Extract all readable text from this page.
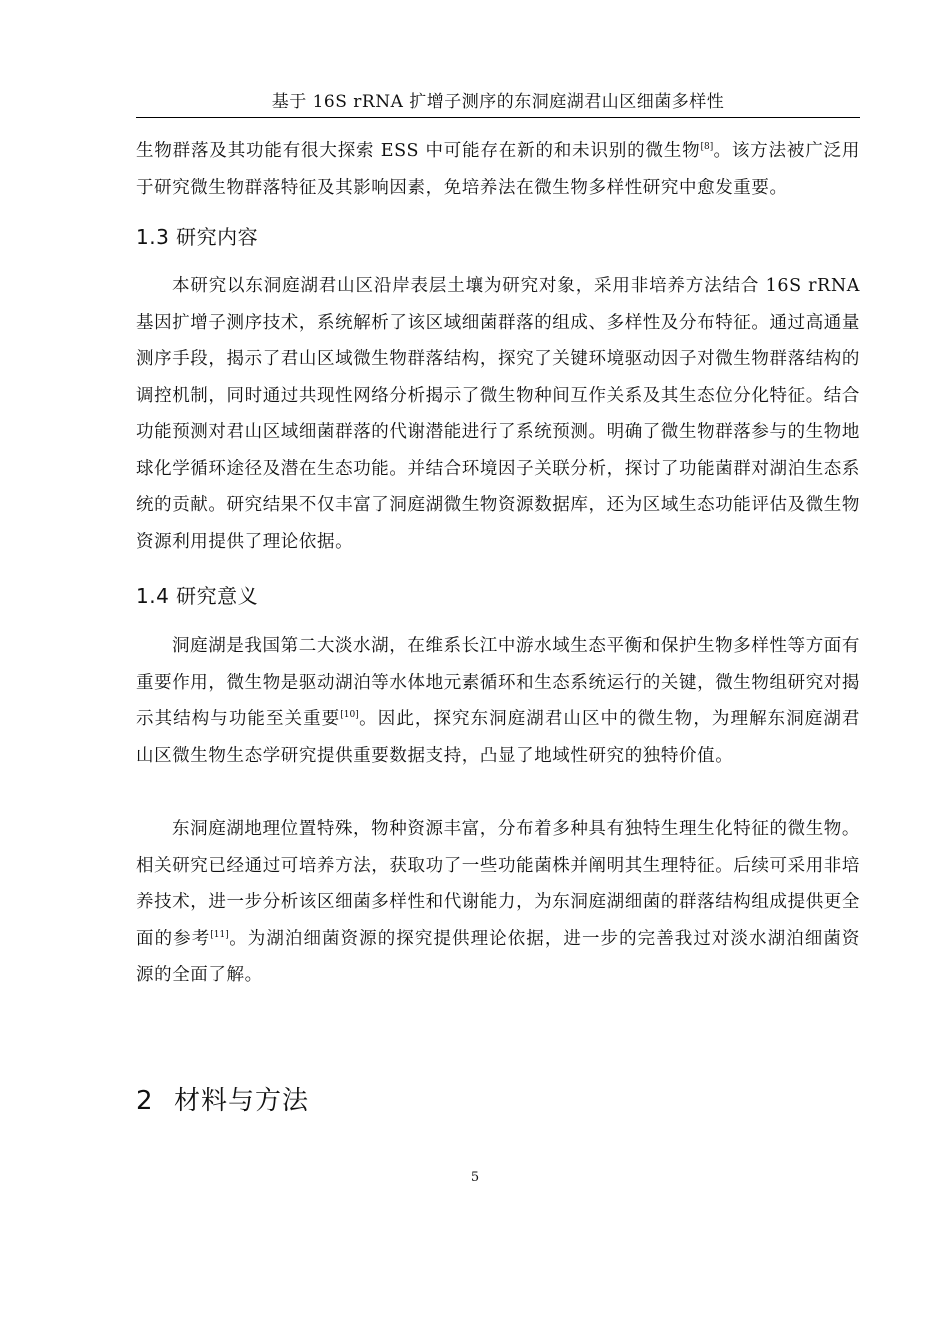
基于 16S rRNA 扩增子测序的东洞庭湖君山区细菌多样性

生物群落及其功能有很大探索 ESS 中可能存在新的和未识别的微生物[8]。该方法被广泛用于研究微生物群落特征及其影响因素，免培养法在微生物多样性研究中愈发重要。

1.3 研究内容

本研究以东洞庭湖君山区沿岸表层土壤为研究对象，采用非培养方法结合 16S rRNA 基因扩增子测序技术，系统解析了该区域细菌群落的组成、多样性及分布特征。通过高通量测序手段，揭示了君山区域微生物群落结构，探究了关键环境驱动因子对微生物群落结构的调控机制，同时通过共现性网络分析揭示了微生物种间互作关系及其生态位分化特征。结合功能预测对君山区域细菌群落的代谢潜能进行了系统预测。明确了微生物群落参与的生物地球化学循环途径及潜在生态功能。并结合环境因子关联分析，探讨了功能菌群对湖泊生态系统的贡献。研究结果不仅丰富了洞庭湖微生物资源数据库，还为区域生态功能评估及微生物资源利用提供了理论依据。

1.4 研究意义

洞庭湖是我国第二大淡水湖，在维系长江中游水域生态平衡和保护生物多样性等方面有重要作用，微生物是驱动湖泊等水体地元素循环和生态系统运行的关键，微生物组研究对揭示其结构与功能至关重要[10]。因此，探究东洞庭湖君山区中的微生物，为理解东洞庭湖君山区微生物生态学研究提供重要数据支持，凸显了地域性研究的独特价值。

东洞庭湖地理位置特殊，物种资源丰富，分布着多种具有独特生理生化特征的微生物。相关研究已经通过可培养方法，获取功了一些功能菌株并阐明其生理特征。后续可采用非培养技术，进一步分析该区细菌多样性和代谢能力，为东洞庭湖细菌的群落结构组成提供更全面的参考[11]。为湖泊细菌资源的探究提供理论依据，进一步的完善我过对淡水湖泊细菌资源的全面了解。

2 材料与方法
5
